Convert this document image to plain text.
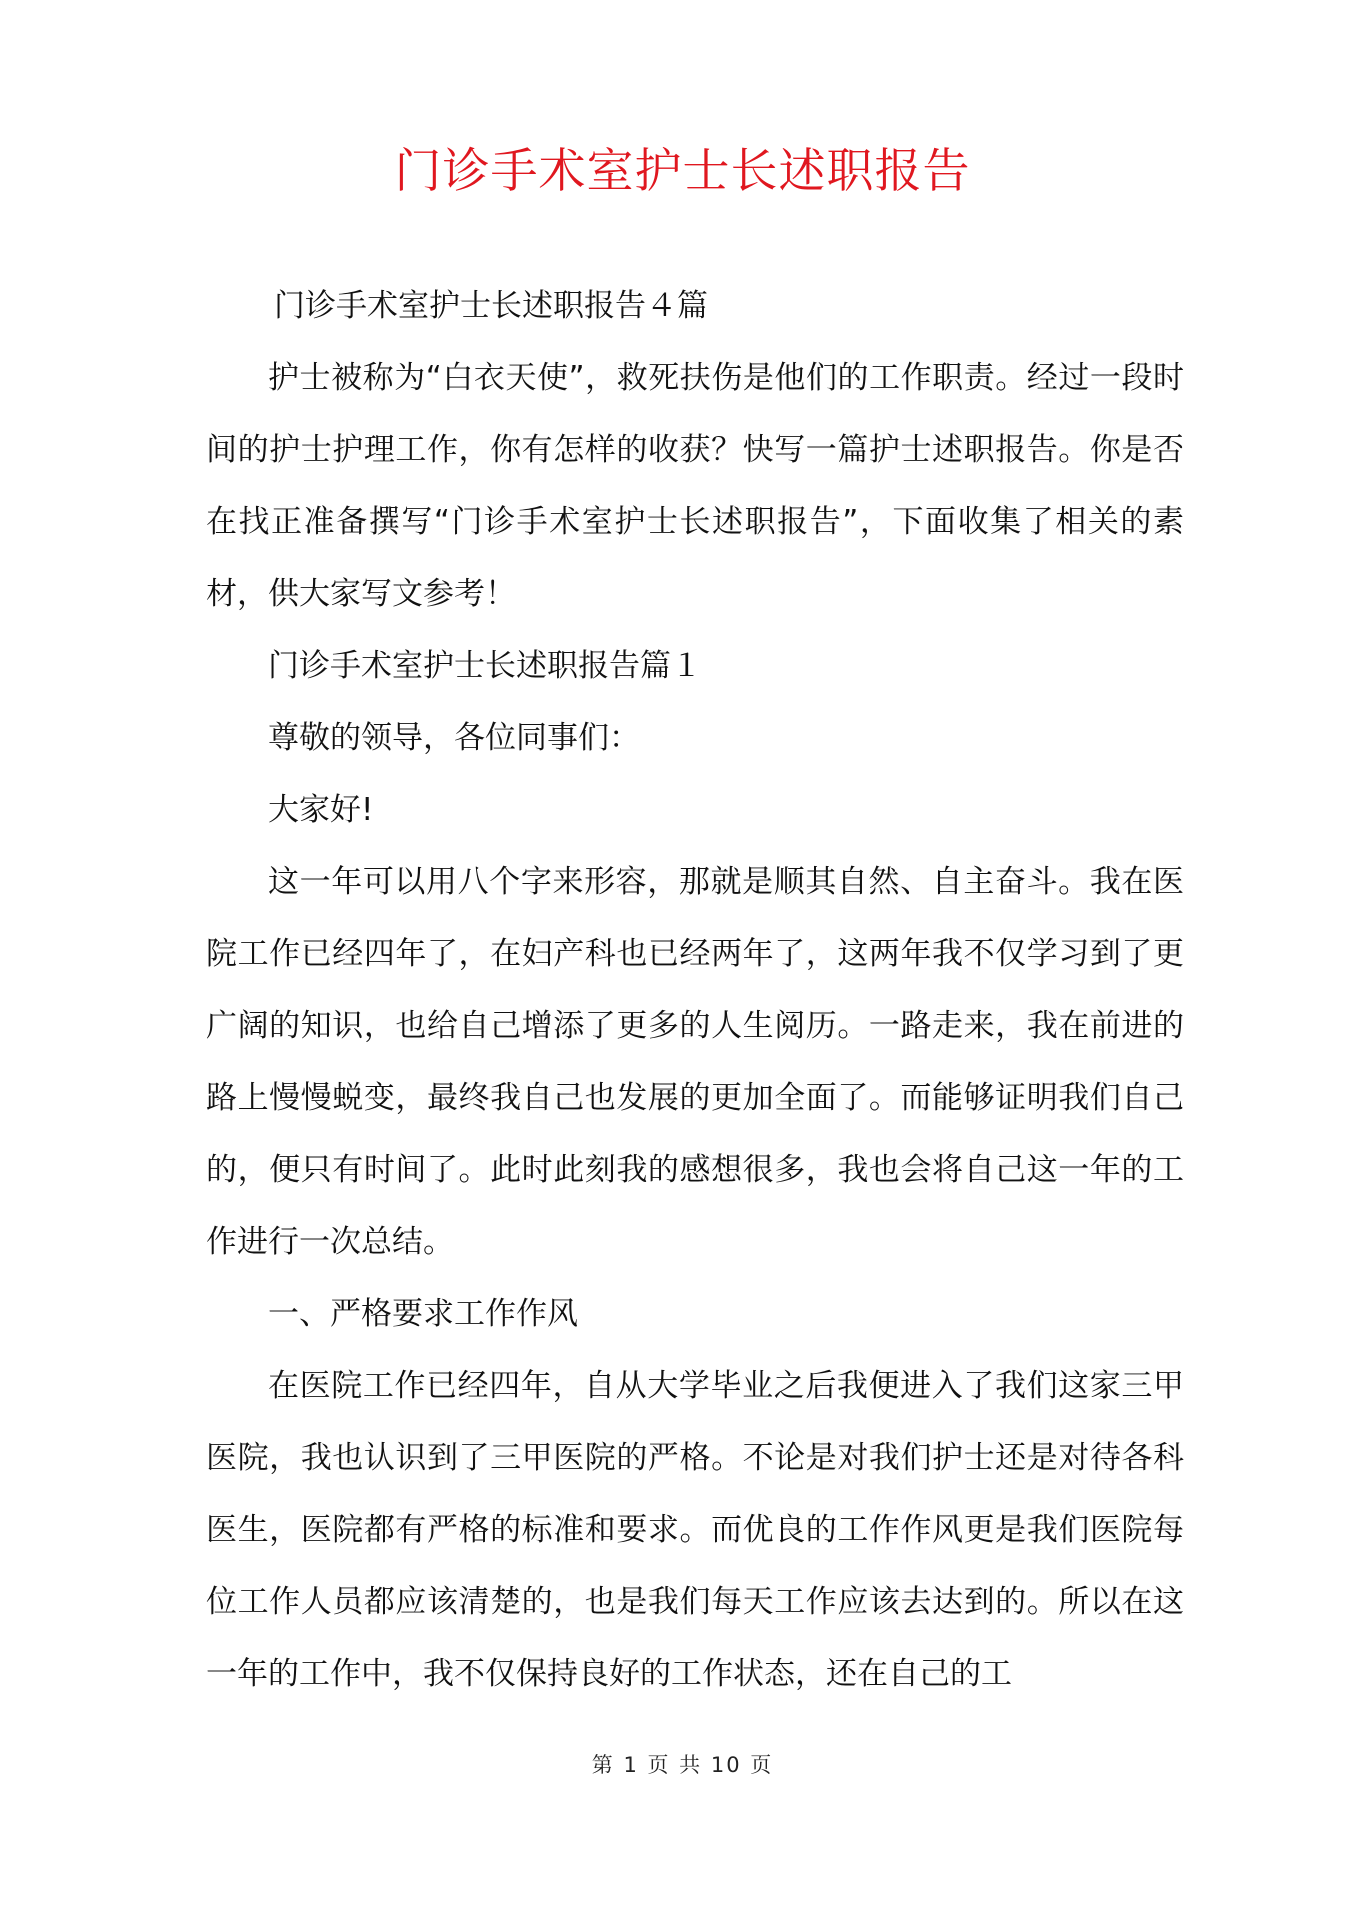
门诊手术室护士长述职报告

门诊手术室护士长述职报告４篇

护士被称为“白衣天使”，救死扶伤是他们的工作职责。经过一段时间的护士护理工作，你有怎样的收获？快写一篇护士述职报告。你是否在找正准备撰写“门诊手术室护士长述职报告”，下面收集了相关的素材，供大家写文参考！

门诊手术室护士长述职报告篇１

尊敬的领导，各位同事们：

大家好!

这一年可以用八个字来形容，那就是顺其自然、自主奋斗。我在医院工作已经四年了，在妇产科也已经两年了，这两年我不仅学习到了更广阔的知识，也给自己增添了更多的人生阅历。一路走来，我在前进的路上慢慢蜕变，最终我自己也发展的更加全面了。而能够证明我们自己的，便只有时间了。此时此刻我的感想很多，我也会将自己这一年的工作进行一次总结。

一、严格要求工作作风

在医院工作已经四年，自从大学毕业之后我便进入了我们这家三甲医院，我也认识到了三甲医院的严格。不论是对我们护士还是对待各科医生，医院都有严格的标准和要求。而优良的工作作风更是我们医院每位工作人员都应该清楚的，也是我们每天工作应该去达到的。所以在这一年的工作中，我不仅保持良好的工作状态，还在自己的工

第 1 页 共 10 页
